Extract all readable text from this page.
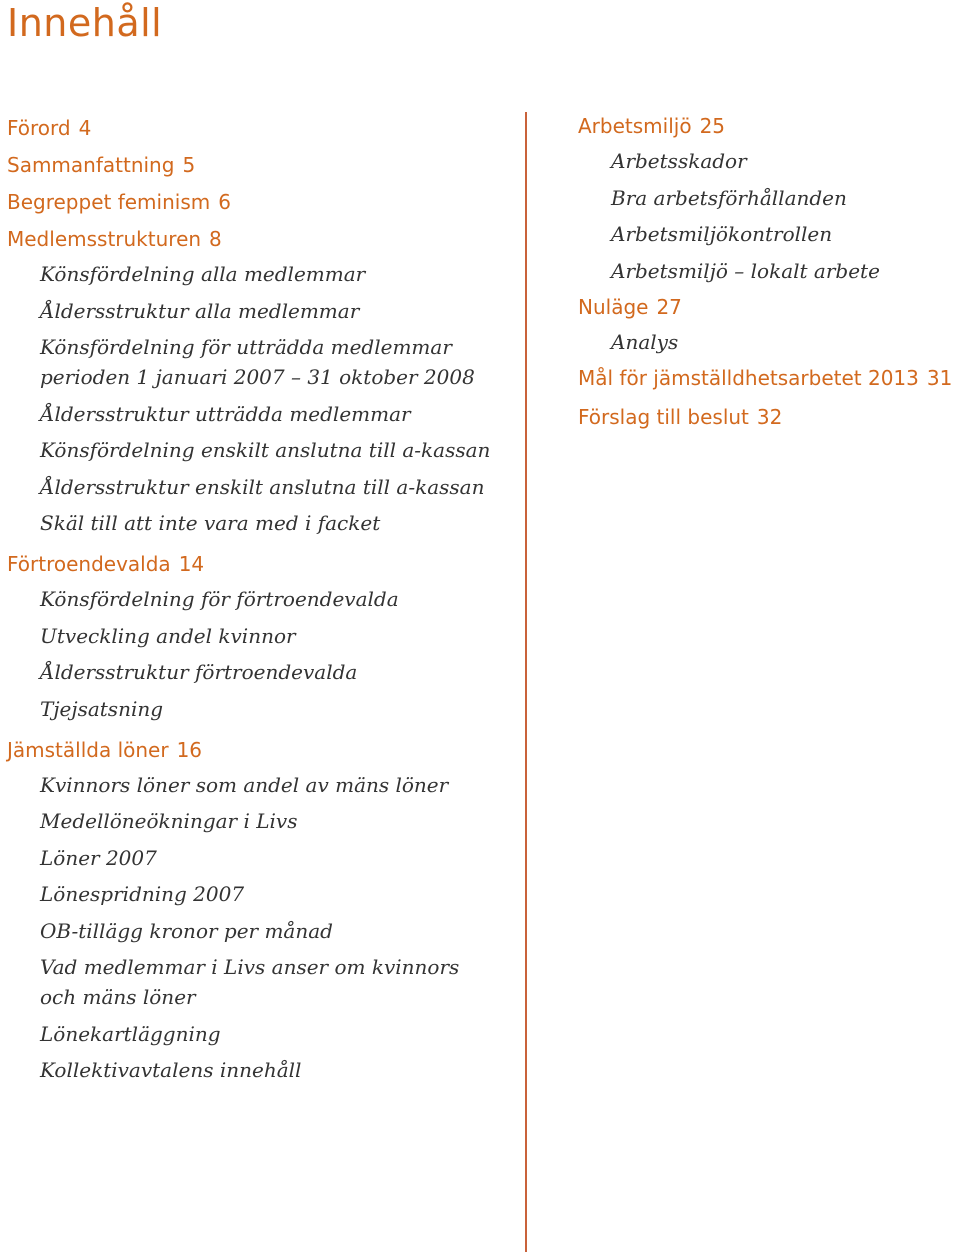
Innehåll
Förord 4
Sammanfattning 5
Begreppet feminism 6
Medlemsstrukturen 8
Könsfördelning alla medlemmar
Åldersstruktur alla medlemmar
Könsfördelning för utträdda medlemmar
perioden 1 januari 2007 – 31 oktober 2008
Åldersstruktur utträdda medlemmar
Könsfördelning enskilt anslutna till a-kassan
Åldersstruktur enskilt anslutna till a-kassan
Skäl till att inte vara med i facket
Förtroendevalda 14
Könsfördelning för förtroendevalda
Utveckling andel kvinnor
Åldersstruktur förtroendevalda
Tjejsatsning
Jämställda löner 16
Kvinnors löner som andel av mäns löner
Medellöneökningar i Livs
Löner 2007
Lönespridning 2007
OB-tillägg kronor per månad
Vad medlemmar i Livs anser om kvinnors
och mäns löner
Lönekartläggning
Kollektivavtalens innehåll
Arbetsmiljö 25
Arbetsskador
Bra arbetsförhållanden
Arbetsmiljökontrollen
Arbetsmiljö – lokalt arbete
Nuläge 27
Analys
Mål för jämställdhetsarbetet 2013 31
Förslag till beslut 32
